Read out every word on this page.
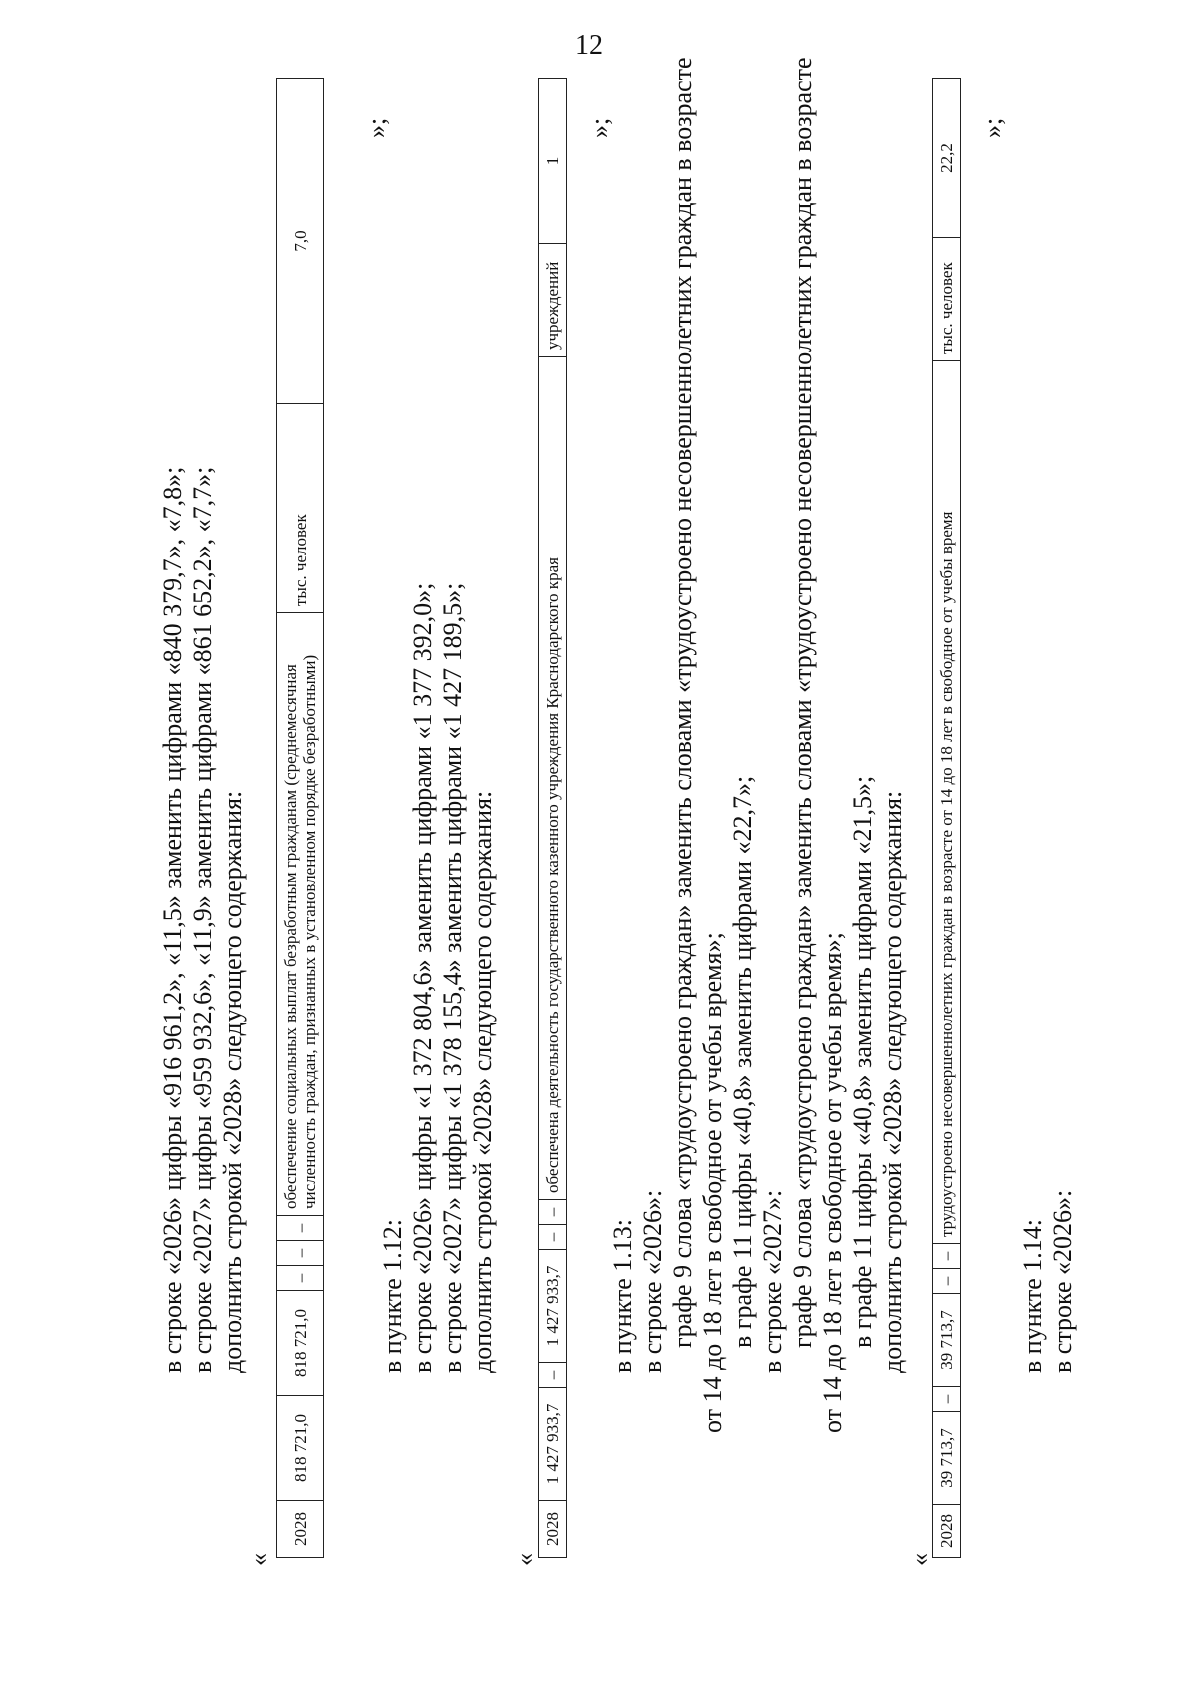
12
в строке «2026» цифры «916 961,2», «11,5» заменить цифрами «840 379,7», «7,8»; в строке «2027» цифры «959 932,6», «11,9» заменить цифрами «861 652,2», «7,7»; дополнить строкой «2028» следующего содержания:
«
2028	818 721,0	818 721,0	–	–	–	обеспечение социальных выплат безработным гражданам (среднемесячная численность граждан, признанных в установленном порядке безработными)	тыс. человек	7,0
»;
в пункте 1.12: в строке «2026» цифры «1 372 804,6» заменить цифрами «1 377 392,0»; в строке «2027» цифры «1 378 155,4» заменить цифрами «1 427 189,5»; дополнить строкой «2028» следующего содержания:
«
2028	1 427 933,7	–	1 427 933,7	–	–	обеспечена деятельность государственного казенного учреждения Краснодарского края	учреждений	1
»;
в пункте 1.13: в строке «2026»: графе 9 слова «трудоустроено граждан» заменить словами «трудоустроено несовершеннолетних граждан в возрасте от 14 до 18 лет в свободное от учебы время»; в графе 11 цифры «40,8» заменить цифрами «22,7»; в строке «2027»: графе 9 слова «трудоустроено граждан» заменить словами «трудоустроено несовершеннолетних граждан в возрасте от 14 до 18 лет в свободное от учебы время»; в графе 11 цифры «40,8» заменить цифрами «21,5»; дополнить строкой «2028» следующего содержания:
«
2028	39 713,7	–	39 713,7	–	–	трудоустроено несовершеннолетних граждан в возрасте от 14 до 18 лет в свободное от учебы время	тыс. человек	22,2
»;
в пункте 1.14: в строке «2026»:
